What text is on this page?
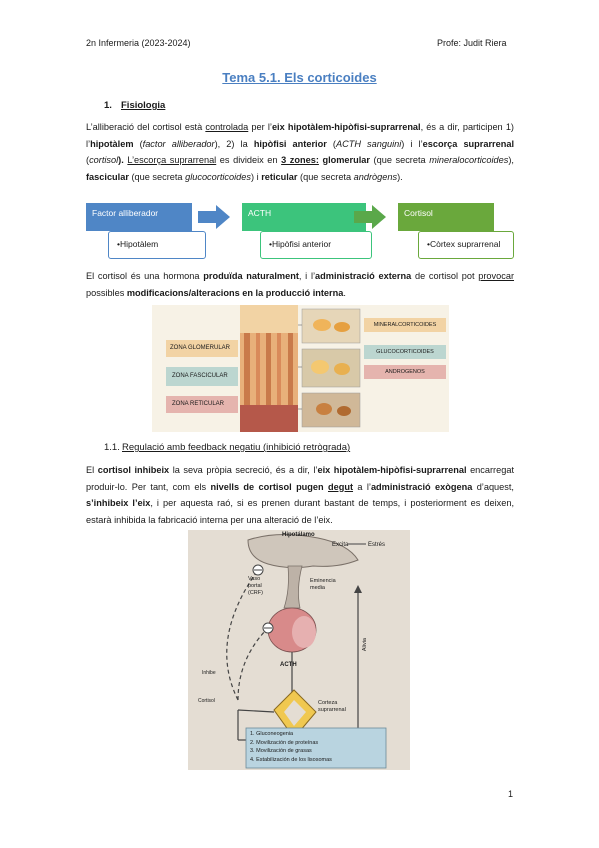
2n Infermeria (2023-2024)	Profe: Judit Riera
Tema 5.1. Els corticoides
1. Fisiologia
L’alliberació del cortisol està controlada per l’eix hipotàlem-hipòfisi-suprarrenal, és a dir, participen 1) l’hipotàlem (factor alliberador), 2) la hipòfisi anterior (ACTH sanguini) i l’escorça suprarrenal (cortisol). L’escorça suprarrenal es divideix en 3 zones: glomerular (que secreta mineralocorticoides), fascicular (que secreta glucocorticoides) i reticular (que secreta andrògens).
Factor alliberador
•Hipotàlem
ACTH
•Hipòfisi anterior
Cortisol
•Còrtex suprarrenal
El cortisol és una hormona produïda naturalment, i l’administració externa de cortisol pot provocar possibles modificacions/alteracions en la producció interna.
ZONA GLOMERULAR
ZONA FASCICULAR
ZONA RETICULAR
MINERALCORTICOIDES
GLUCOCORTICOIDES
ANDROGENOS
1.1. Regulació amb feedback negatiu (inhibició retrògrada)
El cortisol inhibeix la seva pròpia secreció, és a dir, l’eix hipotàlem-hipòfisi-suprarrenal encarregat produir-lo. Per tant, com els nivells de cortisol pugen degut a l’administració exògena d’aquest, s’inhibeix l’eix, i per aquesta raó, si es prenen durant bastant de temps, i posteriorment es deixen, estarà inhibida la fabricació interna per una alteració de l’eix.
Hipotálamo
Excita	Estrés
Vaso
portal
(CRF)
Eminencia
media
Inhibe
ACTH
Corteza
suprarrenal
Alivia
Cortisol
1. Gluconeogenia
2. Movilización de proteínas
3. Movilización de grasas
4. Estabilización de los lisosomas
1
